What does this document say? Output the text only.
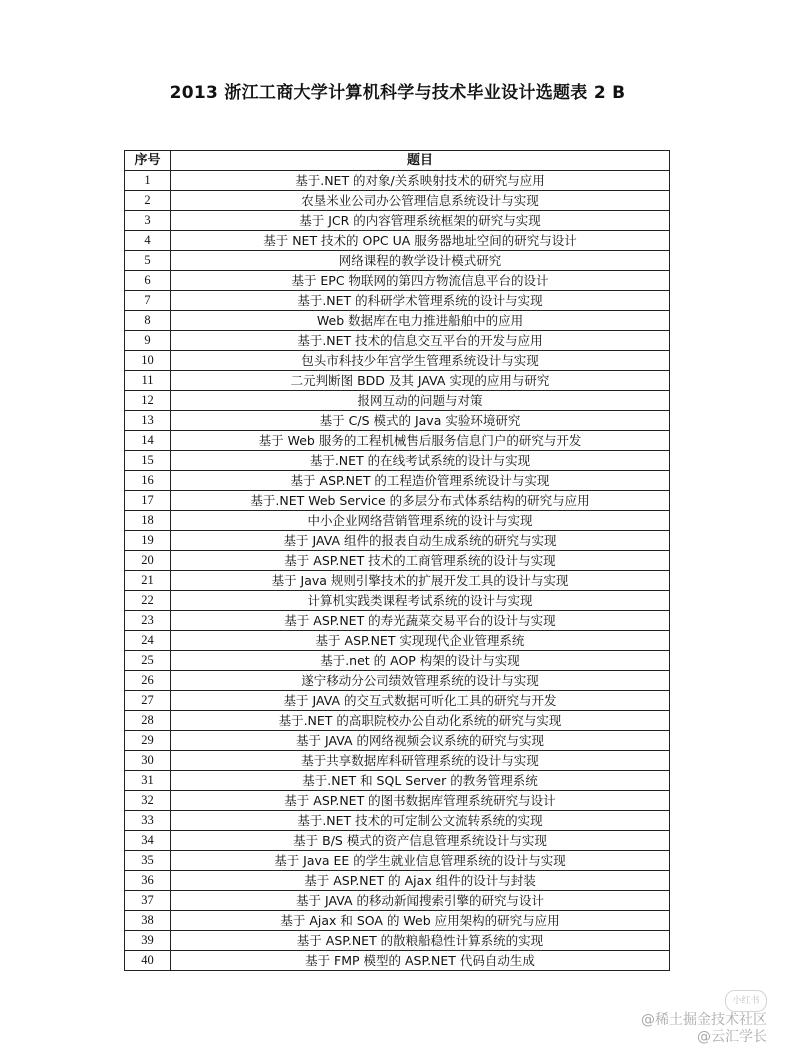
2013 浙江工商大学计算机科学与技术毕业设计选题表 2 B
序号	题目
1	基于.NET 的对象/关系映射技术的研究与应用
2	农垦米业公司办公管理信息系统设计与实现
3	基于 JCR 的内容管理系统框架的研究与实现
4	基于 NET 技术的 OPC UA 服务器地址空间的研究与设计
5	网络课程的教学设计模式研究
6	基于 EPC 物联网的第四方物流信息平台的设计
7	基于.NET 的科研学术管理系统的设计与实现
8	Web 数据库在电力推进船舶中的应用
9	基于.NET 技术的信息交互平台的开发与应用
10	包头市科技少年宫学生管理系统设计与实现
11	二元判断图 BDD 及其 JAVA 实现的应用与研究
12	报网互动的问题与对策
13	基于 C/S 模式的 Java 实验环境研究
14	基于 Web 服务的工程机械售后服务信息门户的研究与开发
15	基于.NET 的在线考试系统的设计与实现
16	基于 ASP.NET 的工程造价管理系统设计与实现
17	基于.NET Web Service 的多层分布式体系结构的研究与应用
18	中小企业网络营销管理系统的设计与实现
19	基于 JAVA 组件的报表自动生成系统的研究与实现
20	基于 ASP.NET 技术的工商管理系统的设计与实现
21	基于 Java 规则引擎技术的扩展开发工具的设计与实现
22	计算机实践类课程考试系统的设计与实现
23	基于 ASP.NET 的寿光蔬菜交易平台的设计与实现
24	基于 ASP.NET 实现现代企业管理系统
25	基于.net 的 AOP 构架的设计与实现
26	遂宁移动分公司绩效管理系统的设计与实现
27	基于 JAVA 的交互式数据可听化工具的研究与开发
28	基于.NET 的高职院校办公自动化系统的研究与实现
29	基于 JAVA 的网络视频会议系统的研究与实现
30	基于共享数据库科研管理系统的设计与实现
31	基于.NET 和 SQL Server 的教务管理系统
32	基于 ASP.NET 的图书数据库管理系统研究与设计
33	基于.NET 技术的可定制公文流转系统的实现
34	基于 B/S 模式的资产信息管理系统设计与实现
35	基于 Java EE 的学生就业信息管理系统的设计与实现
36	基于 ASP.NET 的 Ajax 组件的设计与封装
37	基于 JAVA 的移动新闻搜索引擎的研究与设计
38	基于 Ajax 和 SOA 的 Web 应用架构的研究与应用
39	基于 ASP.NET 的散粮船稳性计算系统的实现
40	基于 FMP 模型的 ASP.NET 代码自动生成
小红书
@稀土掘金技术社区
@云汇学长
